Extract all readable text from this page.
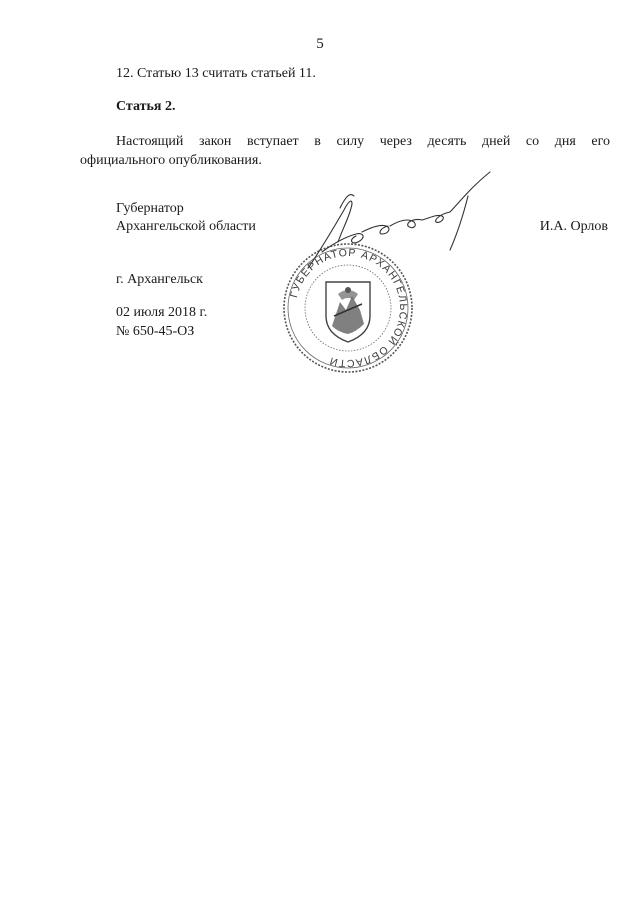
5
12. Статью 13 считать статьей 11.
Статья 2.
Настоящий закон вступает в силу через десять дней со дня его
официального опубликования.
Губернатор
Архангельской области	И.А. Орлов
г. Архангельск
02 июля 2018 г.
№ 650-45-ОЗ
ГУБЕРНАТОР АРХАНГЕЛЬСКОЙ ОБЛАСТИ
